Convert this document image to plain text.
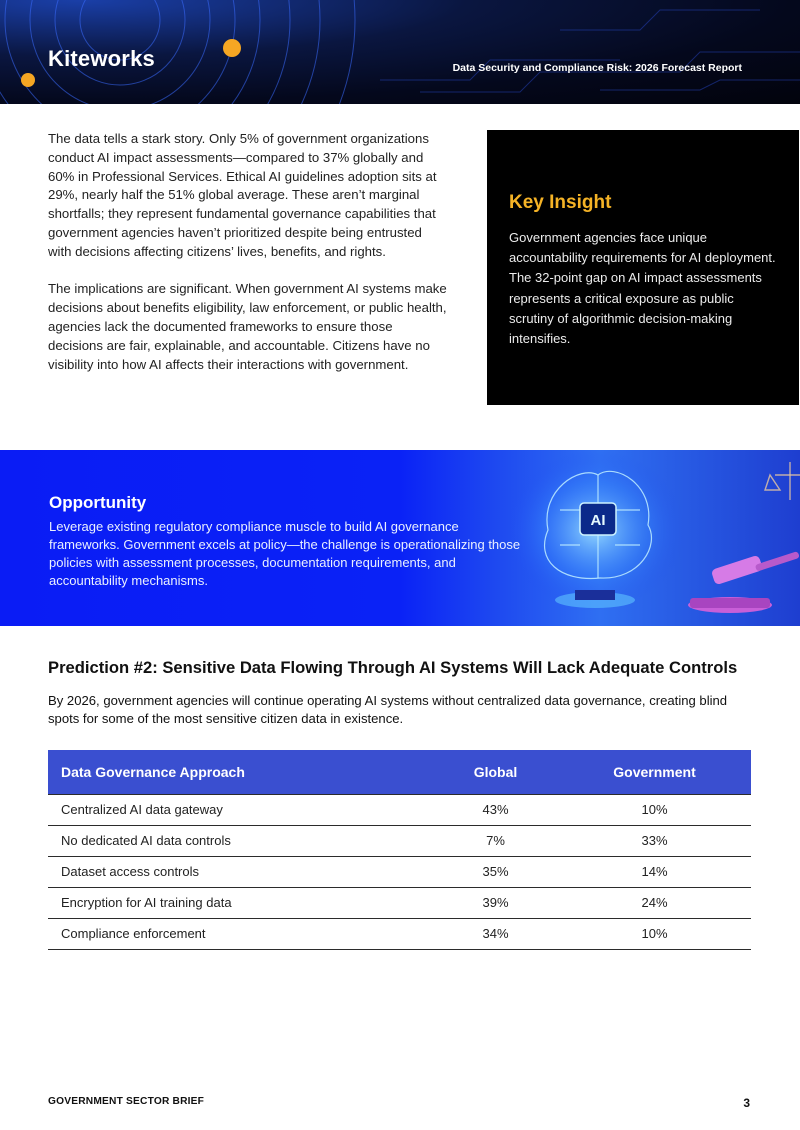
Kiteworks	Data Security and Compliance Risk: 2026 Forecast Report

The data tells a stark story. Only 5% of government organizations conduct AI impact assessments—compared to 37% globally and 60% in Professional Services. Ethical AI guidelines adoption sits at 29%, nearly half the 51% global average. These aren’t marginal shortfalls; they represent fundamental governance capabilities that government agencies haven’t prioritized despite being entrusted with decisions affecting citizens’ lives, benefits, and rights.

The implications are significant. When government AI systems make decisions about benefits eligibility, law enforcement, or public health, agencies lack the documented frameworks to ensure those decisions are fair, explainable, and accountable. Citizens have no visibility into how AI affects their interactions with government.

Key Insight

Government agencies face unique accountability requirements for AI deployment. The 32-point gap on AI impact assessments represents a critical exposure as public scrutiny of algorithmic decision-making intensifies.

AI
Opportunity

Leverage existing regulatory compliance muscle to build AI governance frameworks. Government excels at policy—the challenge is operationalizing those policies with assessment processes, documentation requirements, and accountability mechanisms.

Prediction #2: Sensitive Data Flowing Through AI Systems Will Lack Adequate Controls
By 2026, government agencies will continue operating AI systems without centralized data governance, creating blind spots for some of the most sensitive citizen data in existence.
Data Governance Approach	Global	Government
Centralized AI data gateway	43%	10%
No dedicated AI data controls	7%	33%
Dataset access controls	35%	14%
Encryption for AI training data	39%	24%
Compliance enforcement	34%	10%
GOVERNMENT SECTOR BRIEF	3
